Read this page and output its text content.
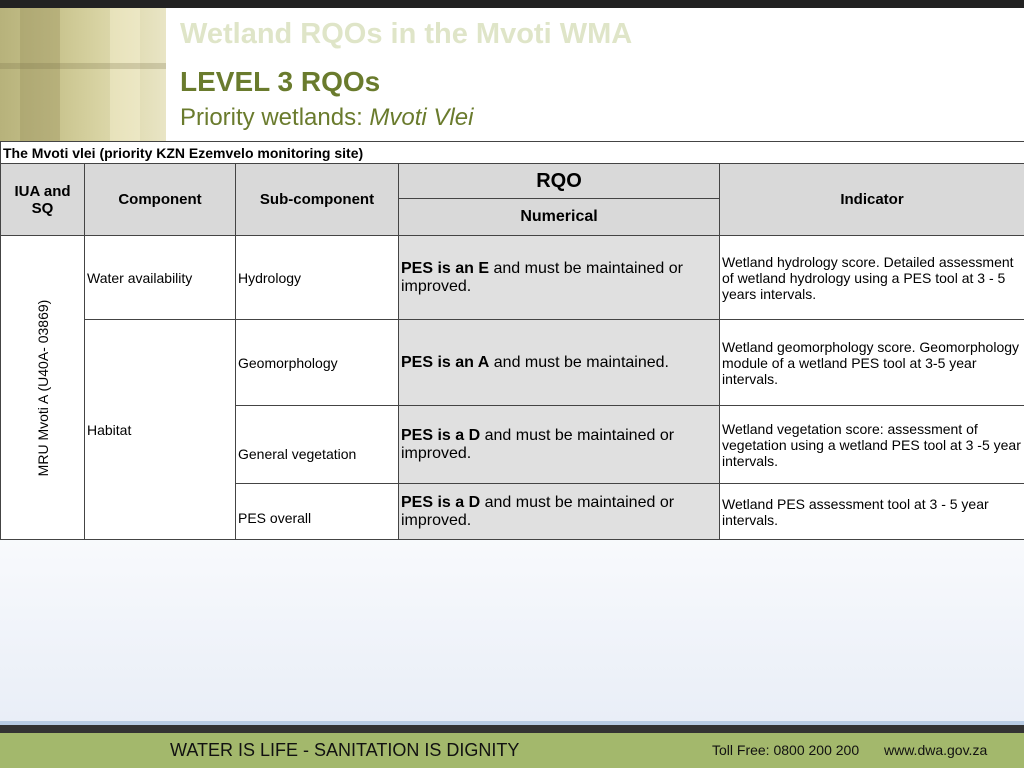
Wetland RQOs in the Mvoti WMA
LEVEL 3 RQOs
Priority wetlands: Mvoti Vlei
The Mvoti vlei (priority KZN Ezemvelo monitoring site)				
IUA and SQ	Component	Sub-component	RQO	Indicator
			Numerical	

MRU Mvoti A (U40A- 03869)	Water availability	Hydrology	PES is an E and must be maintained or improved.	Wetland hydrology score. Detailed assessment of wetland hydrology using a PES tool at 3 - 5 years intervals.
	Habitat	Geomorphology	PES is an A and must be maintained.	Wetland geomorphology score. Geomorphology module of a wetland PES tool at 3-5 year intervals.
		General vegetation	PES is a D and must be maintained or improved.	Wetland vegetation score: assessment of vegetation using a wetland PES tool at 3 -5 year intervals.
		PES overall	PES is a D and must be maintained or improved.	Wetland PES assessment tool at 3 - 5 year intervals.
WATER IS LIFE - SANITATION IS DIGNITY	Toll Free: 0800 200 200 www.dwa.gov.za
